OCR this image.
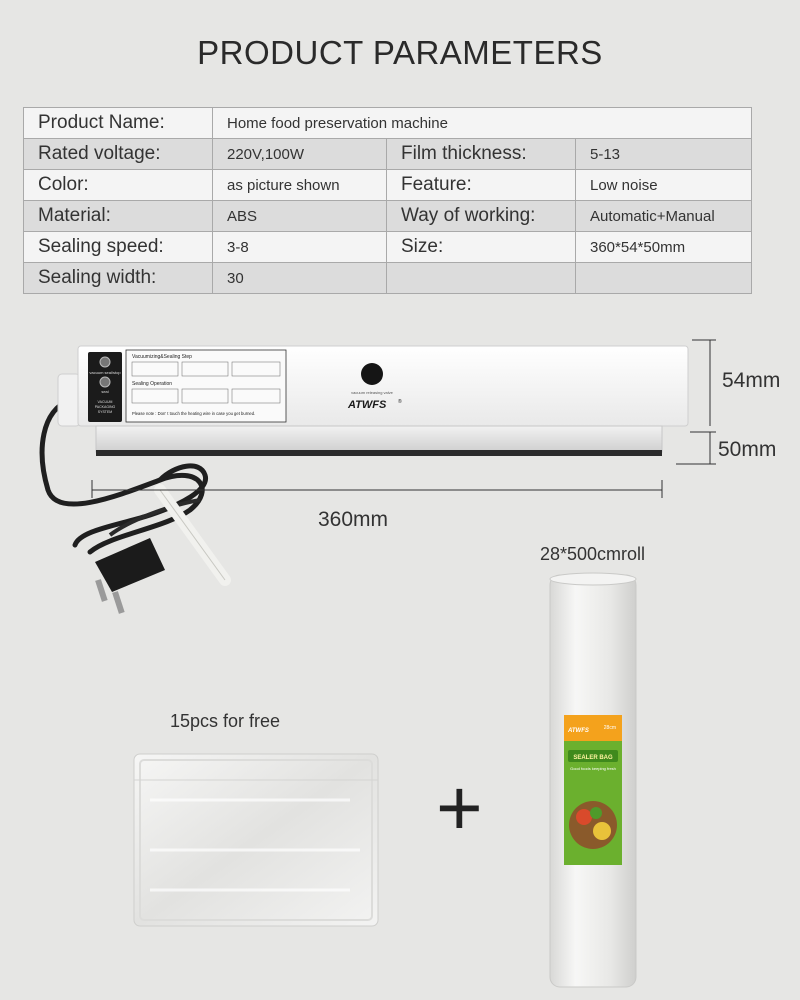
PRODUCT PARAMETERS
Product Name:	Home food preservation machine		
Rated voltage:	220V,100W	Film thickness:	5-13
Color:	as picture shown	Feature:	Low noise
Material:	ABS	Way of working:	Automatic+Manual
Sealing speed:	3-8	Size:	360*54*50mm
Sealing width:	30		
vacuum seal/stop
seal
VACUUM
PACKAGING
SYSTEM
Vacuumizing&Sealing Step
Sealing Operation
Please note : Don' t touch the heating wire in case you get burned.
vacuum releasing valve
ATWFS ®
54mm
50mm
360mm
28*500cmroll
15pcs for free
+
ATWFS	28cm
SEALER BAG
Good foods keeping fresh
